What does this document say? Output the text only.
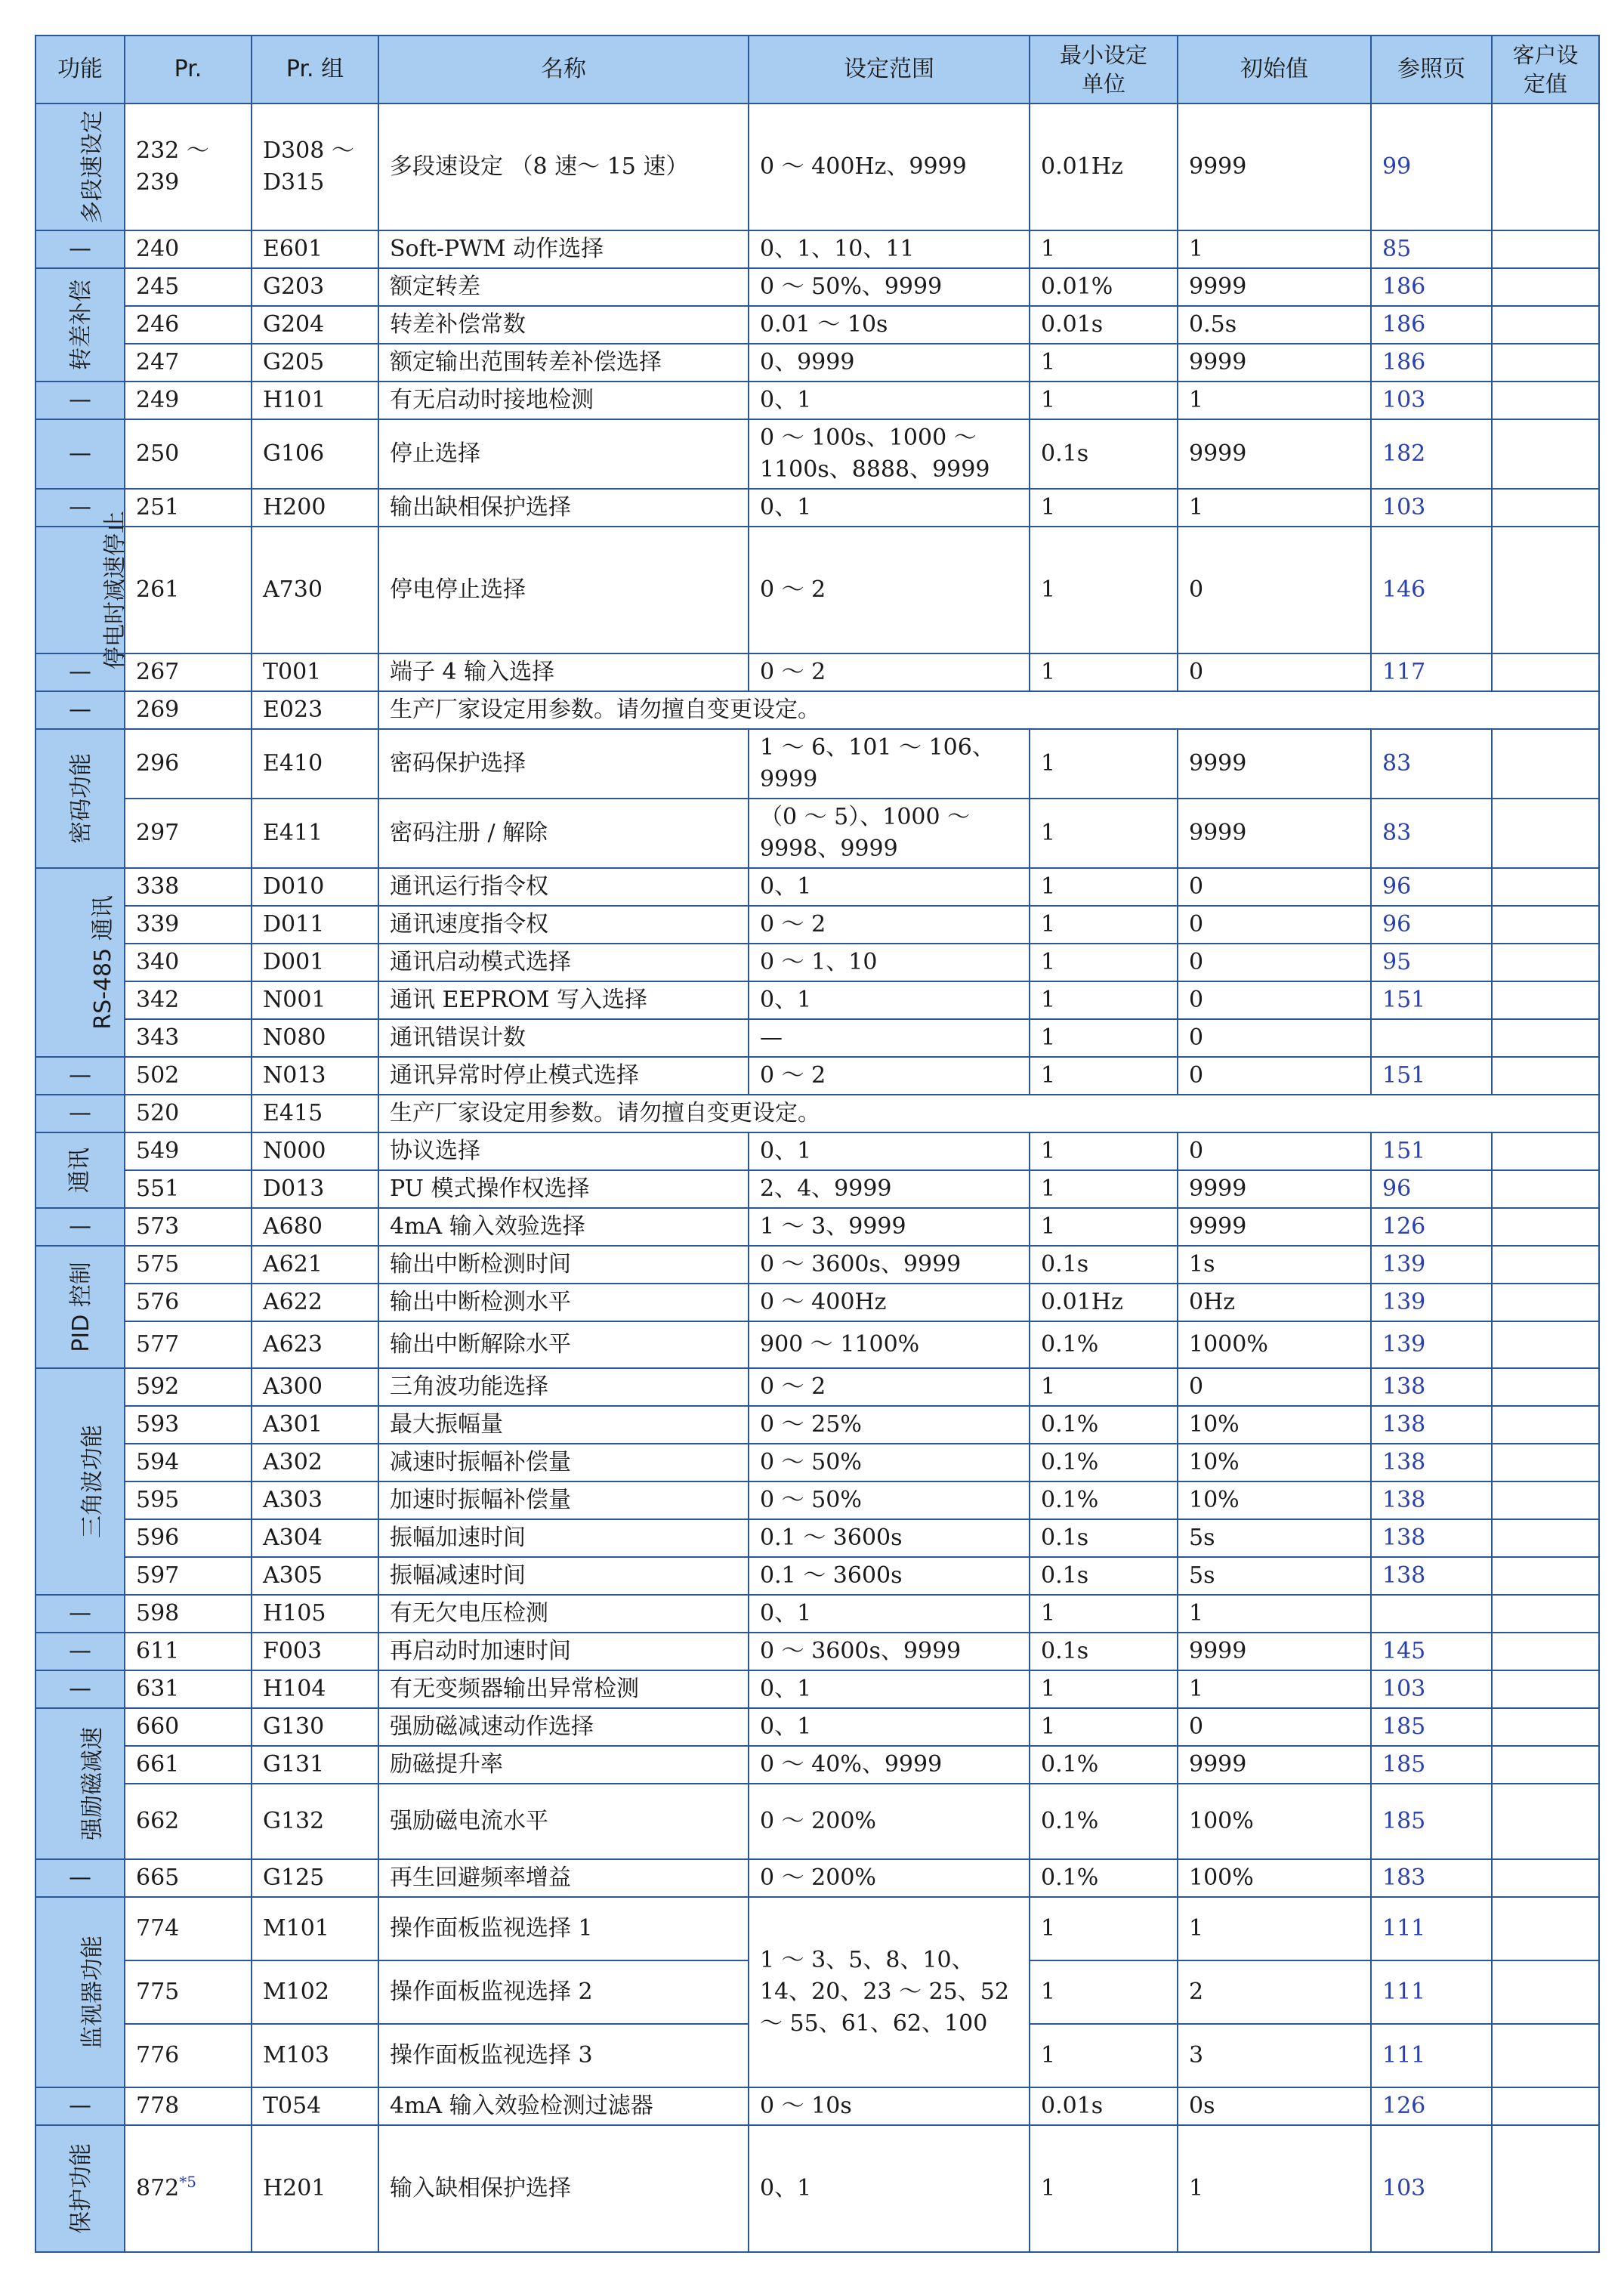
功能	Pr.	Pr. 组	名称	设定范围	最小设定单位	初始值	参照页	客户设定值
多段速设定	232 ～ 239	D308 ～ D315	多段速设定 （8 速～ 15 速）	0 ～ 400Hz、9999	0.01Hz	9999	99	
—	240	E601	Soft-PWM 动作选择	0、1、10、11	1	1	85	
转差补偿	245	G203	额定转差	0 ～ 50%、9999	0.01%	9999	186	
	246	G204	转差补偿常数	0.01 ～ 10s	0.01s	0.5s	186	
	247	G205	额定输出范围转差补偿选择	0、9999	1	9999	186	
—	249	H101	有无启动时接地检测	0、1	1	1	103	
—	250	G106	停止选择	0 ～ 100s、1000 ～ 1100s、8888、9999	0.1s	9999	182	
—	251	H200	输出缺相保护选择	0、1	1	1	103	
停电时减速停止	261	A730	停电停止选择	0 ～ 2	1	0	146	
—	267	T001	端子 4 输入选择	0 ～ 2	1	0	117	
—	269	E023	生产厂家设定用参数。请勿擅自变更设定。					
密码功能	296	E410	密码保护选择	1 ～ 6、101 ～ 106、9999	1	9999	83	
	297	E411	密码注册 / 解除	（0 ～ 5）、1000 ～ 9998、9999	1	9999	83	
RS-485 通讯	338	D010	通讯运行指令权	0、1	1	0	96	
	339	D011	通讯速度指令权	0 ～ 2	1	0	96	
	340	D001	通讯启动模式选择	0 ～ 1、10	1	0	95	
	342	N001	通讯 EEPROM 写入选择	0、1	1	0	151	
	343	N080	通讯错误计数	—	1	0		
—	502	N013	通讯异常时停止模式选择	0 ～ 2	1	0	151	
—	520	E415	生产厂家设定用参数。请勿擅自变更设定。					
通讯	549	N000	协议选择	0、1	1	0	151	
	551	D013	PU 模式操作权选择	2、4、9999	1	9999	96	
—	573	A680	4mA 输入效验选择	1 ～ 3、9999	1	9999	126	
PID 控制	575	A621	输出中断检测时间	0 ～ 3600s、9999	0.1s	1s	139	
	576	A622	输出中断检测水平	0 ～ 400Hz	0.01Hz	0Hz	139	
	577	A623	输出中断解除水平	900 ～ 1100%	0.1%	1000%	139	
三角波功能	592	A300	三角波功能选择	0 ～ 2	1	0	138	
	593	A301	最大振幅量	0 ～ 25%	0.1%	10%	138	
	594	A302	减速时振幅补偿量	0 ～ 50%	0.1%	10%	138	
	595	A303	加速时振幅补偿量	0 ～ 50%	0.1%	10%	138	
	596	A304	振幅加速时间	0.1 ～ 3600s	0.1s	5s	138	
	597	A305	振幅减速时间	0.1 ～ 3600s	0.1s	5s	138	
—	598	H105	有无欠电压检测	0、1	1	1		
—	611	F003	再启动时加速时间	0 ～ 3600s、9999	0.1s	9999	145	
—	631	H104	有无变频器输出异常检测	0、1	1	1	103	
强励磁减速	660	G130	强励磁减速动作选择	0、1	1	0	185	
	661	G131	励磁提升率	0 ～ 40%、9999	0.1%	9999	185	
	662	G132	强励磁电流水平	0 ～ 200%	0.1%	100%	185	
—	665	G125	再生回避频率增益	0 ～ 200%	0.1%	100%	183	
监视器功能	774	M101	操作面板监视选择 1	1 ～ 3、5、8、10、14、20、23 ～ 25、52 ～ 55、61、62、100	1	1	111	
	775	M102	操作面板监视选择 2		1	2	111	
	776	M103	操作面板监视选择 3		1	3	111	
—	778	T054	4mA 输入效验检测过滤器	0 ～ 10s	0.01s	0s	126	
保护功能	872$^{*5}$	H201	输入缺相保护选择	0、1	1	1	103	
